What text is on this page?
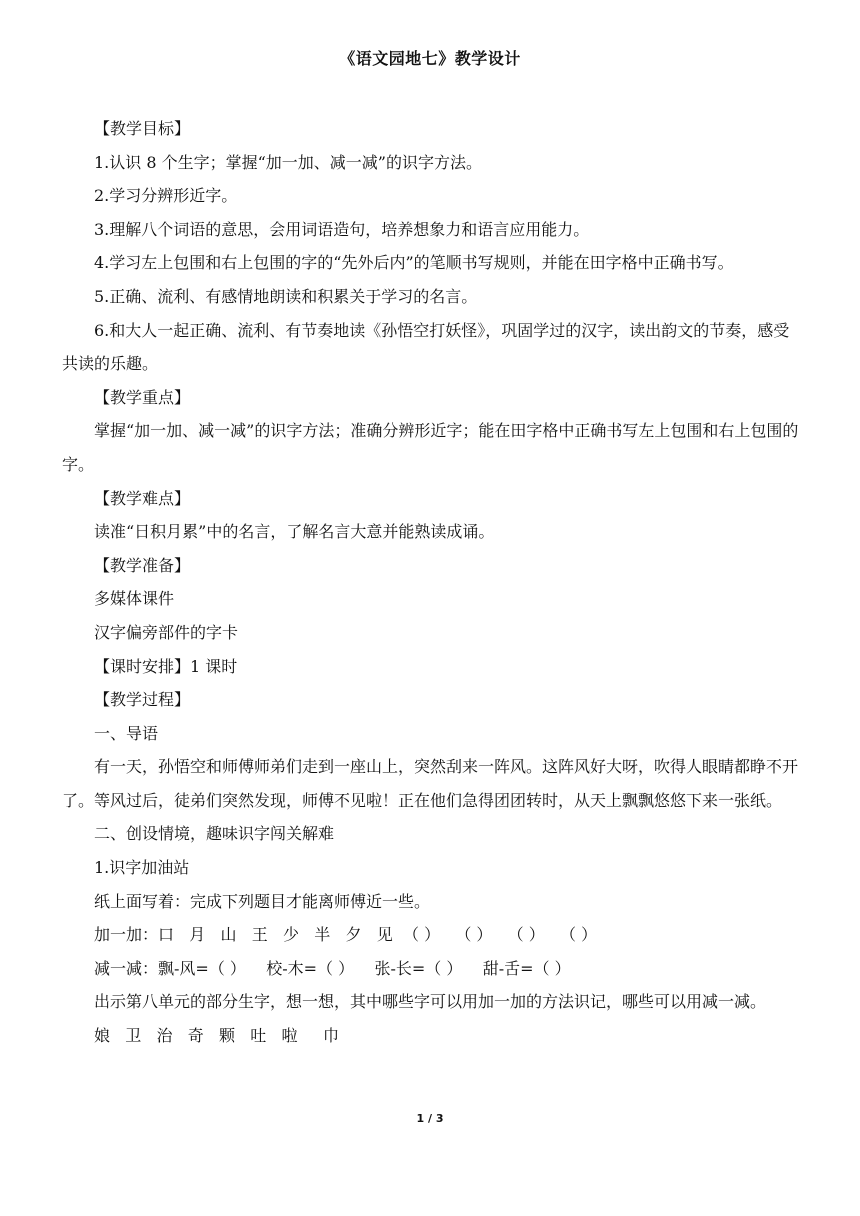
《语文园地七》教学设计

【教学目标】

1.认识 8 个生字；掌握“加一加、减一减”的识字方法。

2.学习分辨形近字。

3.理解八个词语的意思，会用词语造句，培养想象力和语言应用能力。

4.学习左上包围和右上包围的字的“先外后内”的笔顺书写规则，并能在田字格中正确书写。

5.正确、流利、有感情地朗读和积累关于学习的名言。

6.和大人一起正确、流利、有节奏地读《孙悟空打妖怪》，巩固学过的汉字，读出韵文的节奏，感受共读的乐趣。

【教学重点】

掌握“加一加、减一减”的识字方法；准确分辨形近字；能在田字格中正确书写左上包围和右上包围的字。

【教学难点】

读准“日积月累”中的名言，了解名言大意并能熟读成诵。

【教学准备】

多媒体课件

汉字偏旁部件的字卡

【课时安排】1 课时

【教学过程】

一、导语

有一天，孙悟空和师傅师弟们走到一座山上，突然刮来一阵风。这阵风好大呀，吹得人眼睛都睁不开了。等风过后，徒弟们突然发现，师傅不见啦！正在他们急得团团转时，从天上飘飘悠悠下来一张纸。

二、创设情境，趣味识字闯关解难

1.识字加油站

纸上面写着：完成下列题目才能离师傅近一些。

加一加：口   月   山   王   少   半   夕   见  （ ）   （ ）   （ ）   （ ）

减一减：飘-风=（ ）    校-木=（ ）    张-长=（ ）    甜-舌=（ ）

出示第八单元的部分生字，想一想，其中哪些字可以用加一加的方法识记，哪些可以用减一减。

娘   卫   治   奇   颗   吐   啦     巾

1 / 3
